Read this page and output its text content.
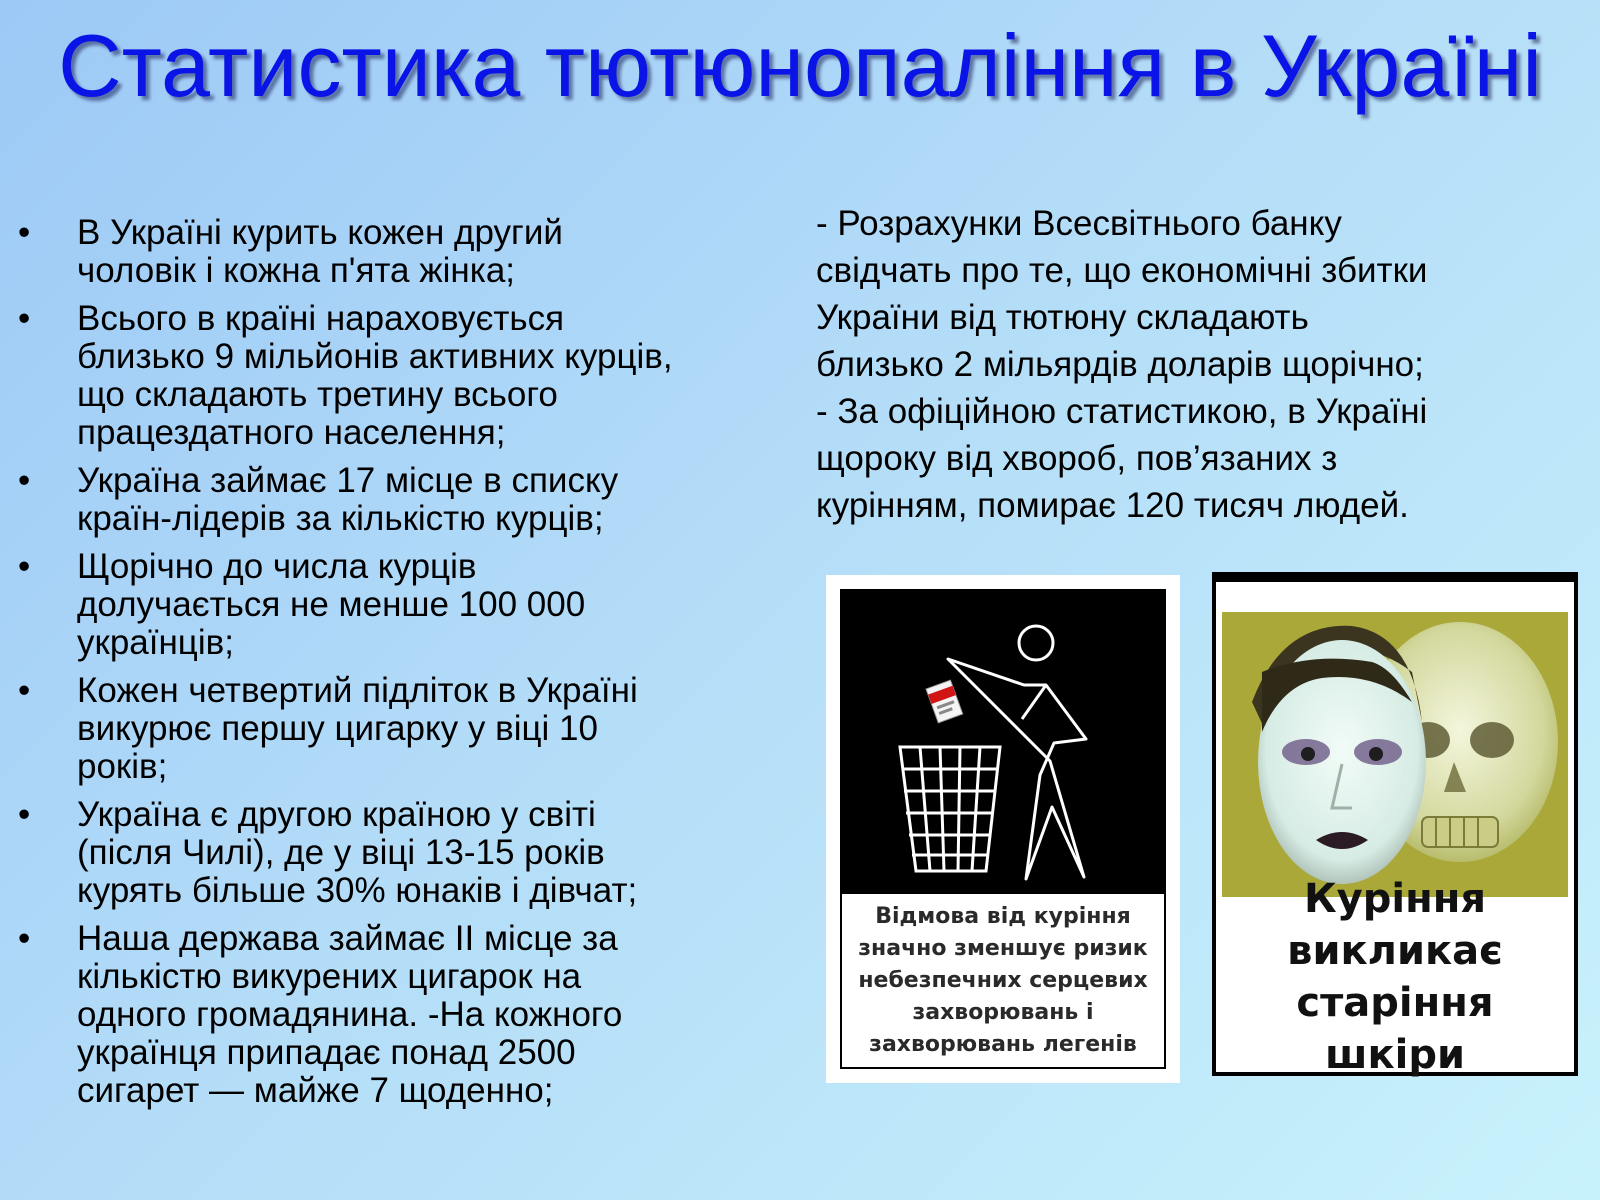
Статистика тютюнопаління в Україні
• В Україні курить кожен другий
чоловік і кожна п'ята жінка;
• Всього в країні нараховується
близько 9 мільйонів активних курців,
що складають третину всього
працездатного населення;
• Україна займає 17 місце в списку
країн-лідерів за кількістю курців;
• Щорічно до числа курців
долучається не менше 100 000
українців;
• Кожен четвертий підліток в Україні
викурює першу цигарку у віці 10
років;
• Україна є другою країною у світі
(після Чилі), де у віці 13-15 років
курять більше 30% юнаків і дівчат;
• Наша держава займає ІІ місце за
кількістю викурених цигарок на
одного громадянина. -На кожного
українця припадає понад 2500
сигарет — майже 7 щоденно;
- Розрахунки Всесвітнього банку
свідчать про те, що економічні збитки
України від тютюну складають
близько 2 мільярдів доларів щорічно;
- За офіційною статистикою, в Україні
щороку від хвороб, пов’язаних з
курінням, помирає 120 тисяч людей.
Відмова від куріння
значно зменшує ризик
небезпечних серцевих
захворювань і
захворювань легенів
Куріння
викликає
старіння шкіри
